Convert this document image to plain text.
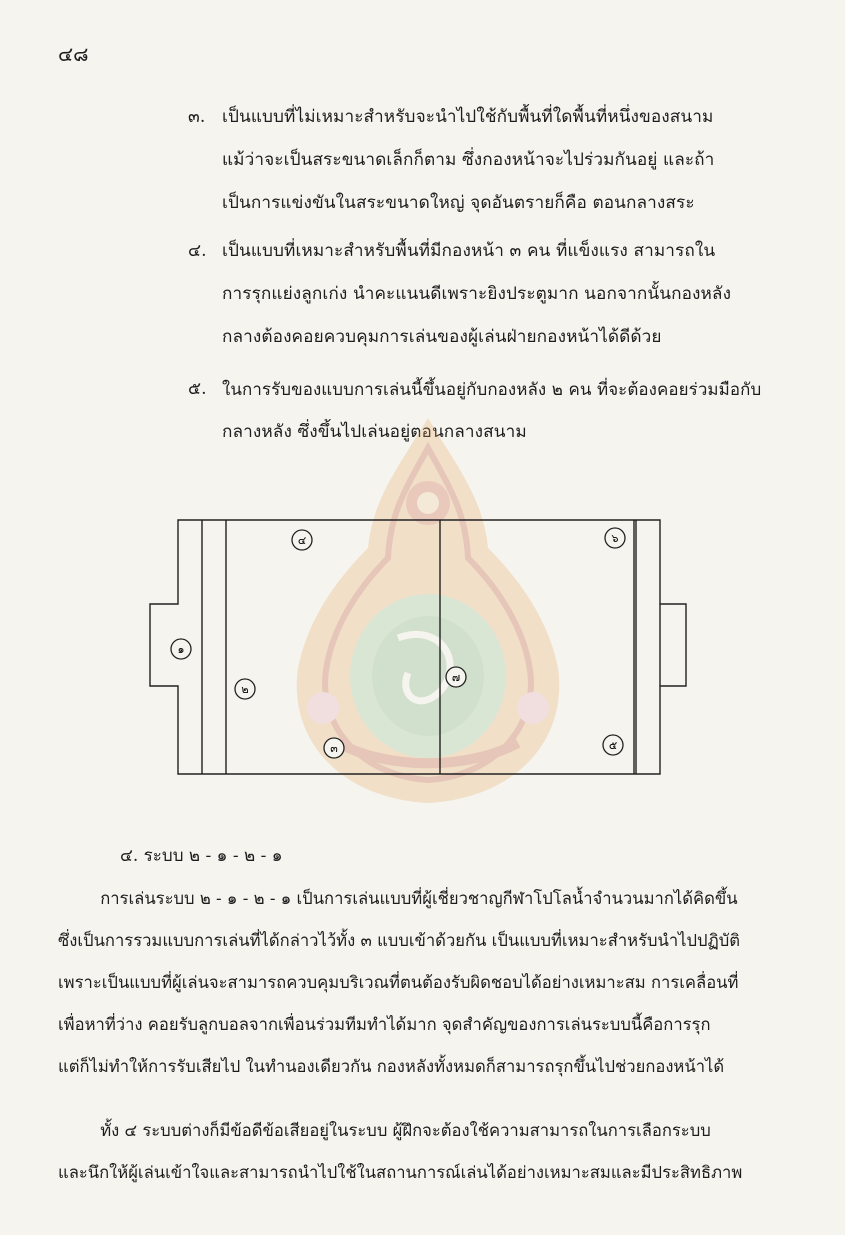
๔๘
๓. เป็นแบบที่ไม่เหมาะสำหรับจะนำไปใช้กับพื้นที่ใดพื้นที่หนึ่งของสนาม
แม้ว่าจะเป็นสระขนาดเล็กก็ตาม ซึ่งกองหน้าจะไปร่วมกันอยู่ และถ้า
เป็นการแข่งขันในสระขนาดใหญ่ จุดอันตรายก็คือ ตอนกลางสระ
๔. เป็นแบบที่เหมาะสำหรับพื้นที่มีกองหน้า ๓ คน ที่แข็งแรง สามารถใน
การรุกแย่งลูกเก่ง นำคะแนนดีเพราะยิงประตูมาก นอกจากนั้นกองหลัง
กลางต้องคอยควบคุมการเล่นของผู้เล่นฝ่ายกองหน้าได้ดีด้วย
๕. ในการรับของแบบการเล่นนี้ขึ้นอยู่กับกองหลัง ๒ คน ที่จะต้องคอยร่วมมือกับ
กลางหลัง ซึ่งขึ้นไปเล่นอยู่ตอนกลางสนาม
๑
๒
๓
๔
๕
๖
๗
๔. ระบบ ๒ - ๑ - ๒ - ๑
การเล่นระบบ ๒ - ๑ - ๒ - ๑ เป็นการเล่นแบบที่ผู้เชี่ยวชาญกีฬาโปโลน้ำจำนวนมากได้คิดขึ้น
ซึ่งเป็นการรวมแบบการเล่นที่ได้กล่าวไว้ทั้ง ๓ แบบเข้าด้วยกัน เป็นแบบที่เหมาะสำหรับนำไปปฏิบัติ
เพราะเป็นแบบที่ผู้เล่นจะสามารถควบคุมบริเวณที่ตนต้องรับผิดชอบได้อย่างเหมาะสม การเคลื่อนที่
เพื่อหาที่ว่าง คอยรับลูกบอลจากเพื่อนร่วมทีมทำได้มาก จุดสำคัญของการเล่นระบบนี้คือการรุก
แต่ก็ไม่ทำให้การรับเสียไป ในทำนองเดียวกัน กองหลังทั้งหมดก็สามารถรุกขึ้นไปช่วยกองหน้าได้
ทั้ง ๔ ระบบต่างก็มีข้อดีข้อเสียอยู่ในระบบ ผู้ฝึกจะต้องใช้ความสามารถในการเลือกระบบ
และนึกให้ผู้เล่นเข้าใจและสามารถนำไปใช้ในสถานการณ์เล่นได้อย่างเหมาะสมและมีประสิทธิภาพ
